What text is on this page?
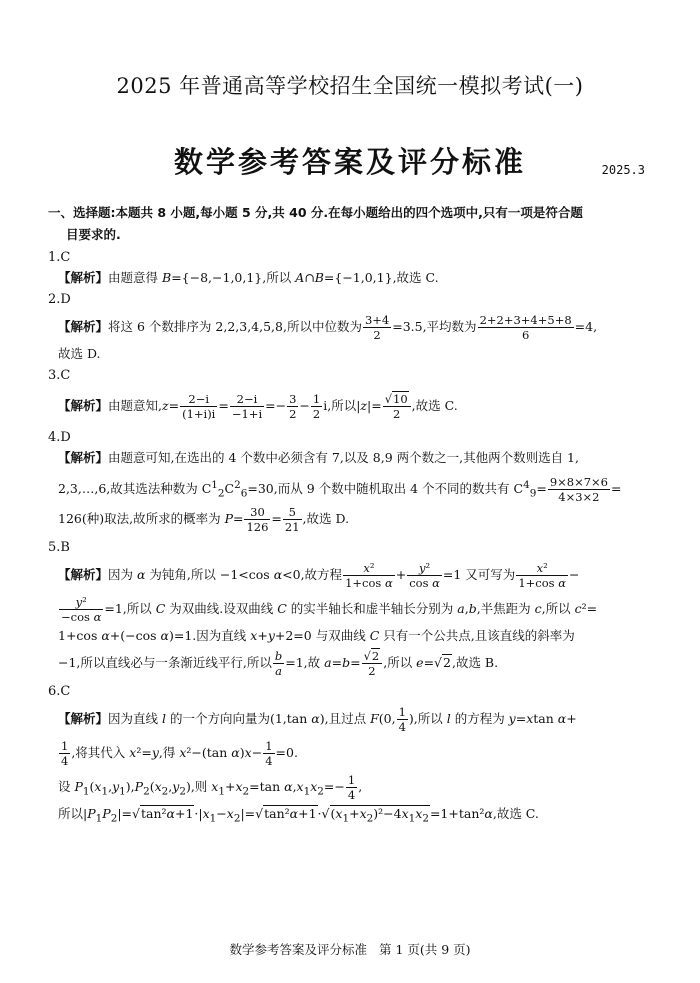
2025 年普通高等学校招生全国统一模拟考试(一)
数学参考答案及评分标准	2025.3
一、选择题:本题共 8 小题,每小题 5 分,共 40 分.在每小题给出的四个选项中,只有一项是符合题
目要求的.
1.C
【解析】由题意得 B={−8,−1,0,1},所以 A∩B={−1,0,1},故选 C.
2.D
【解析】将这 6 个数排序为 2,2,3,4,5,8,所以中位数为 $\frac{3+4}{2} =3.5$,平均数为 $\frac{2+2+3+4+5+8}{6} =4$,
故选 D.
3.C
【解析】由题意知$,z= \frac{2-i}{(1+i)i} = \frac{2-i}{-1+i} =- \frac{3}{2} - \frac{1}{2} i$,所以$|z|= \frac{√10}{2}$ ,故选 C.
4.D
【解析】由题意可知,在选出的 4 个数中必须含有 7,以及 8,9 两个数之一,其他两个数则选自 1,
2,3,…,6,故其选法种数为 $C^1_2C^2_6=30$,而从 9 个数中随机取出 4 个不同的数共有 $C^4_9= \frac{9\times 8\times 7\times 6}{4\times 3\times 2}$ =
126(种)取法,故所求的概率为 $P= \frac{30}{126} = \frac{5}{21}$ ,故选 D.
5.B
【解析】因为 α 为钝角,所以 −1<cos α<0,故方程 $\frac{\text{x²}}{\text{1+cos α}} + \frac{\text{y²}}{\text{cos α}} =1$ 又可写为 $\frac{\text{x²}}{\text{1+cos α}}$ −
$\frac{\text{y²}}{\text{−cos α}} =1$,所以 C 为双曲线.设双曲线 C 的实半轴长和虚半轴长分别为 a,b,半焦距为 c,所以 c²=
1+cos α+(−cos α)=1.因为直线 x+y+2=0 与双曲线 C 只有一个公共点,且该直线的斜率为
−1,所以直线必与一条渐近线平行,所以 $\frac{b}{a} =1$,故 $a=b= \frac{√2}{2}$ ,所以 e=√2,故选 B.
6.C
【解析】因为直线 l 的一个方向向量为(1,tan α),且过点 F(0, $\frac{1}{4}$ ),所以 l 的方程为 y=xtan α+
$\frac{1}{4}$ ,将其代入 x²=y,得 x²−(tan $\alpha)x- \frac{1}{4} =0$.
设 $P_1(x_1,y_1),P_2(x_2,y_2)$,则 $x_1+x_2=\tan$ $\alpha,x_1x_2=- \frac{1}{4}$ ,
所以$|P_1P_2|=√\tan^2\alpha+1\cdot|x_1-x_2|=√\tan^2\alpha+1\cdot√(x_1+x_2)^2-4x_1x_2=1+\tan^2\alpha$,故选 C.
数学参考答案及评分标准 第 1 页(共 9 页)
